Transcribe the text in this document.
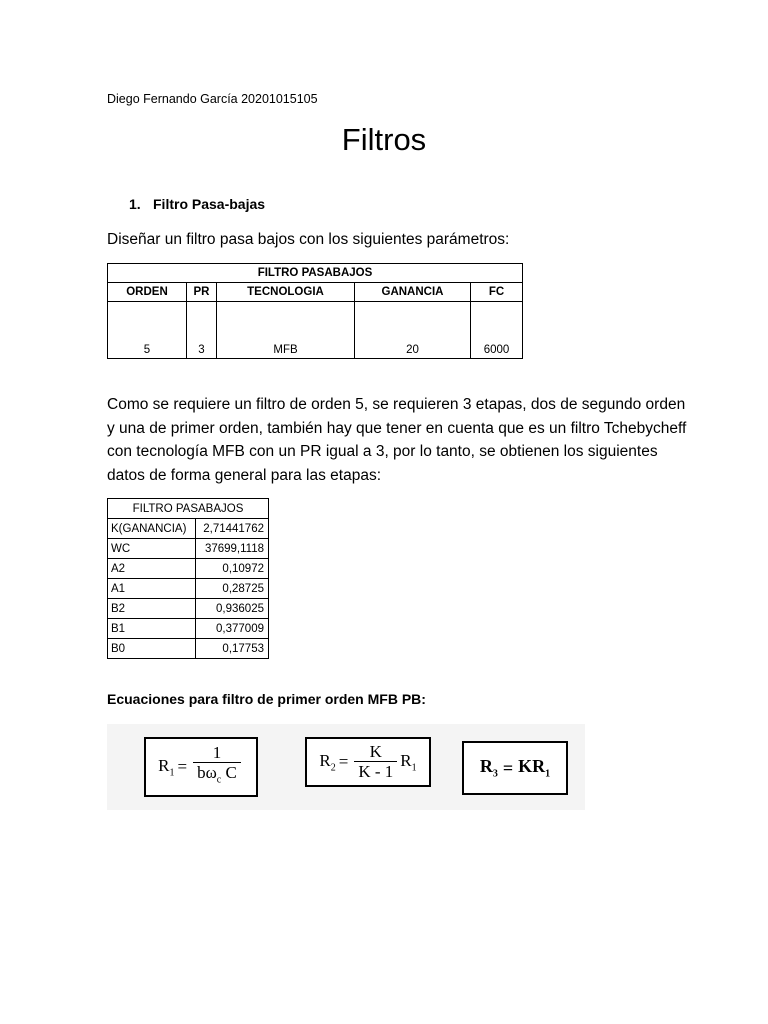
Diego Fernando García 20201015105
Filtros
1. Filtro Pasa-bajas
Diseñar un filtro pasa bajos con los siguientes parámetros:
FILTRO PASABAJOS				
ORDEN	PR	TECNOLOGIA	GANANCIA	FC
5	3	MFB	20	6000
Como se requiere un filtro de orden 5, se requieren 3 etapas, dos de segundo orden y una de primer orden, también hay que tener en cuenta que es un filtro Tchebycheff con tecnología MFB con un PR igual a 3, por lo tanto, se obtienen los siguientes datos de forma general para las etapas:
FILTRO PASABAJOS	
K(GANANCIA)	2,71441762
WC	37699,1118
A2	0,10972
A1	0,28725
B2	0,936025
B1	0,377009
B0	0,17753
Ecuaciones para filtro de primer orden MFB PB:
$R_1 = \frac{1}{b\omega_c C}$	$R_2 = \frac{K}{K - 1} R_1$	$R_3 = KR_1$
